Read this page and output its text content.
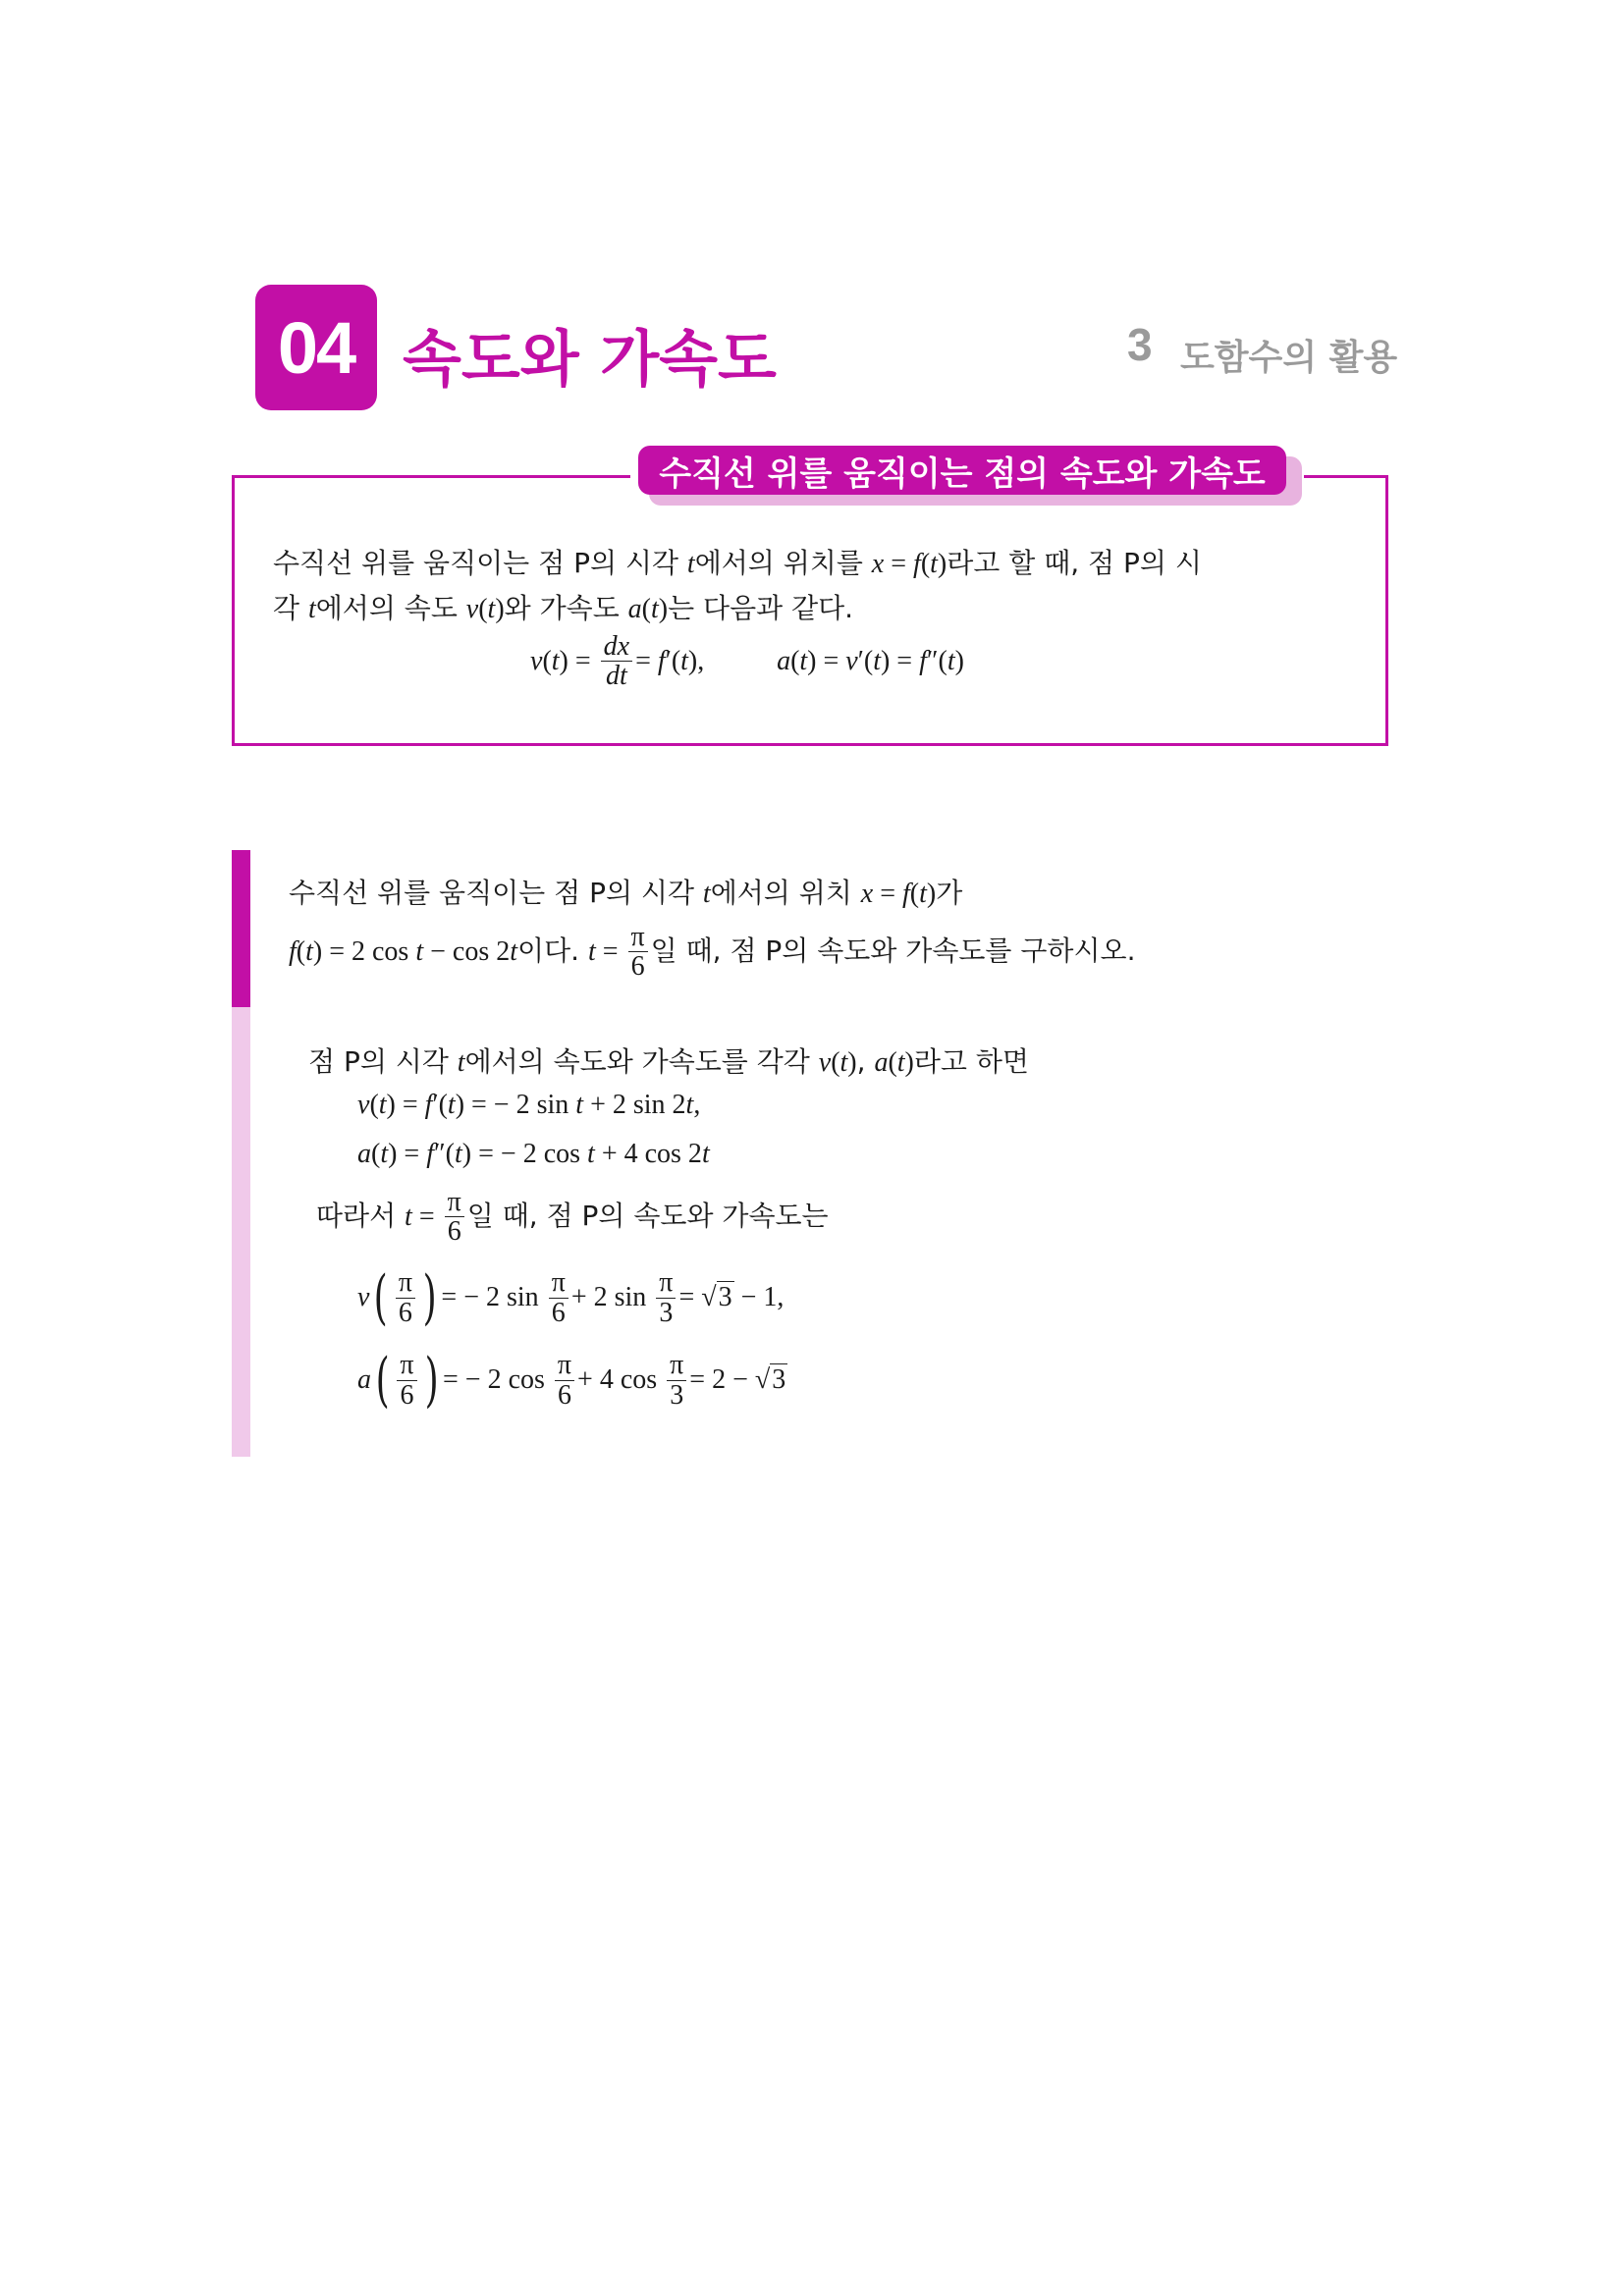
04 속도와 가속도	3 도함수의 활용
수직선 위를 움직이는 점의 속도와 가속도
수직선 위를 움직이는 점 P의 시각 t에서의 위치를 x = f(t)라고 할 때, 점 P의 시
각 t에서의 속도 v(t)와 가속도 a(t)는 다음과 같다.
$v(t) = \frac{dx}{dt} = f'(t)$,	a(t) = v′(t) = f″(t)
수직선 위를 움직이는 점 P의 시각 t에서의 위치 x = f(t)가
f(t) = 2 cos t − cos 2t이다. $t = \frac{\pi}{6}$ 일 때, 점 P의 속도와 가속도를 구하시오.
점 P의 시각 t에서의 속도와 가속도를 각각 v(t), a(t)라고 하면
v(t) = f′(t) = − 2 sin t + 2 sin 2t,
a(t) = f″(t) = − 2 cos t + 4 cos 2t
따라서 $t = \frac{\pi}{6}$ 일 때, 점 P의 속도와 가속도는
$v( \frac{\pi}{6}$ ) = − 2 $\sin \frac{\pi}{6} + 2$ $\sin \frac{\pi}{3} = √3 - 1$,
$a( \frac{\pi}{6}$ ) = − 2 $\cos \frac{\pi}{6} + 4$ $\cos \frac{\pi}{3} = 2 - √3$
